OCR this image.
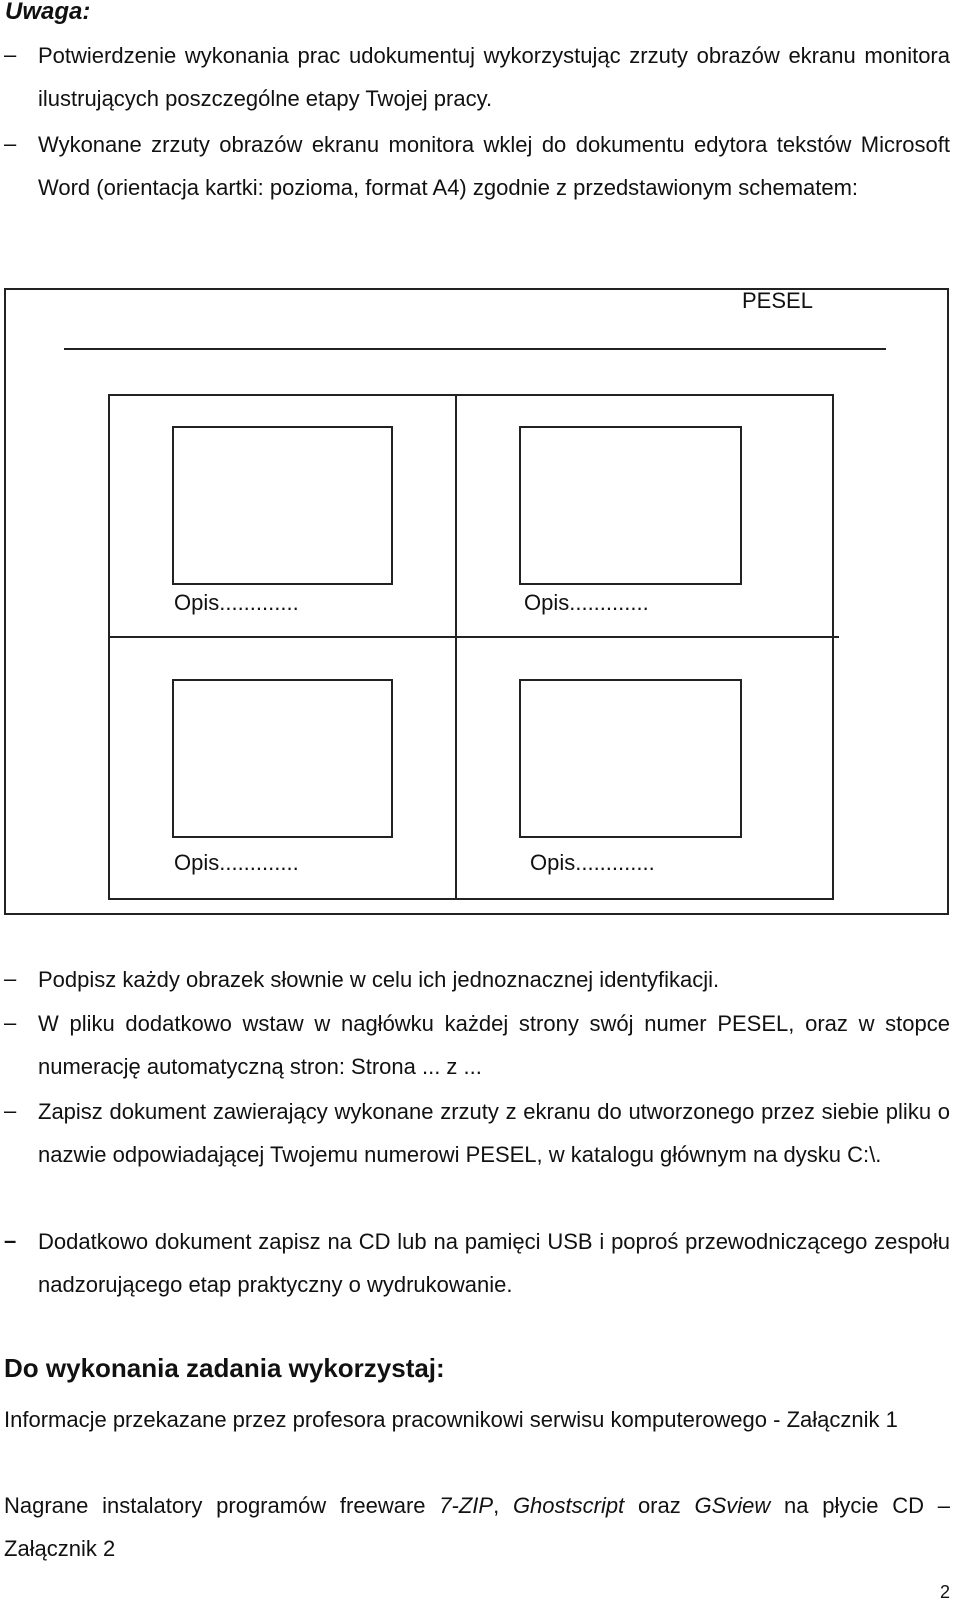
Uwaga:
– Potwierdzenie wykonania prac udokumentuj wykorzystując zrzuty obrazów ekranu monitora ilustrujących poszczególne etapy Twojej pracy.
– Wykonane zrzuty obrazów ekranu monitora wklej do dokumentu edytora tekstów Microsoft Word (orientacja kartki: pozioma, format A4) zgodnie z przedstawionym schematem:
PESEL
Opis.............	Opis.............
Opis.............	Opis.............
– Podpisz każdy obrazek słownie w celu ich jednoznacznej identyfikacji.
– W pliku dodatkowo wstaw w nagłówku każdej strony swój numer PESEL, oraz w stopce numerację automatyczną stron: Strona ... z ...
– Zapisz dokument zawierający wykonane zrzuty z ekranu do utworzonego przez siebie pliku o nazwie odpowiadającej Twojemu numerowi PESEL, w katalogu głównym na dysku C:\.
– Dodatkowo dokument zapisz na CD lub na pamięci USB i poproś przewodniczącego zespołu nadzorującego etap praktyczny o wydrukowanie.
Do wykonania zadania wykorzystaj:
Informacje przekazane przez profesora pracownikowi serwisu komputerowego - Załącznik 1
Nagrane instalatory programów freeware 7-ZIP, Ghostscript oraz GSview na płycie CD – Załącznik 2
2
